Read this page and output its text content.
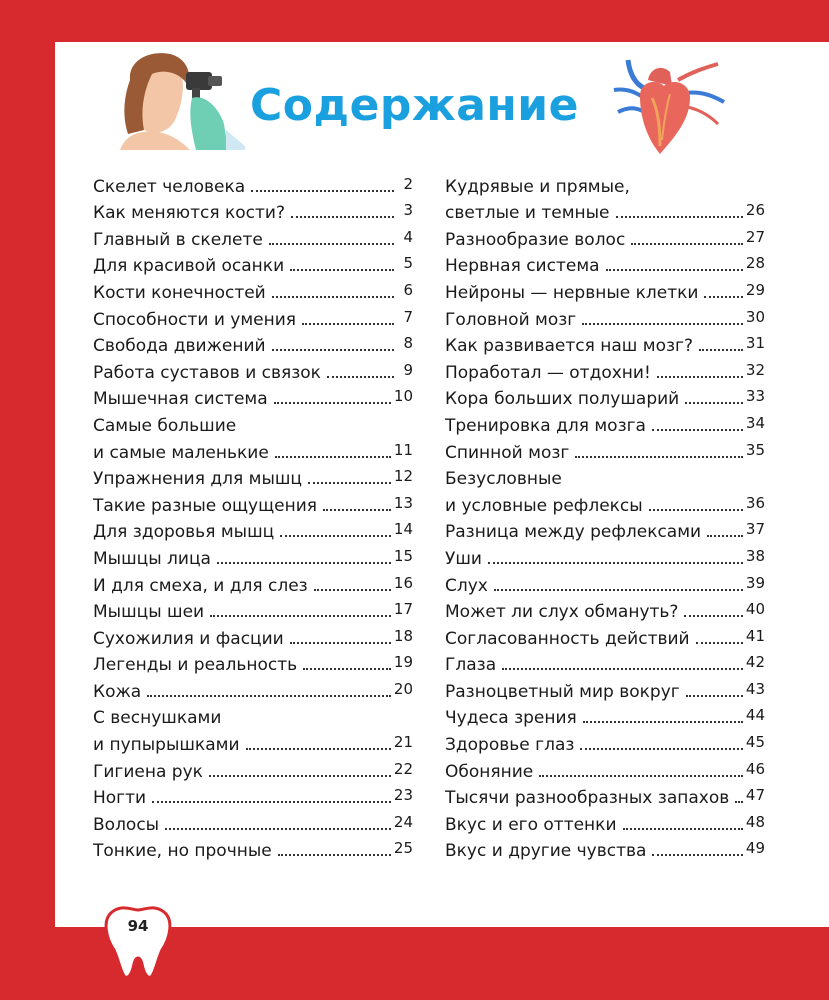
Содержание
Скелет человека	2
Как меняются кости?	3
Главный в скелете	4
Для красивой осанки	5
Кости конечностей	6
Способности и умения	7
Свобода движений	8
Работа суставов и связок	9
Мышечная система	10
Самые большие
и самые маленькие	11
Упражнения для мышц	12
Такие разные ощущения	13
Для здоровья мышц	14
Мышцы лица	15
И для смеха, и для слез	16
Мышцы шеи	17
Сухожилия и фасции	18
Легенды и реальность	19
Кожа	20
С веснушками
и пупырышками	21
Гигиена рук	22
Ногти	23
Волосы	24
Тонкие, но прочные	25
Кудрявые и прямые,
светлые и темные	26
Разнообразие волос	27
Нервная система	28
Нейроны — нервные клетки	29
Головной мозг	30
Как развивается наш мозг?	31
Поработал — отдохни!	32
Кора больших полушарий	33
Тренировка для мозга	34
Спинной мозг	35
Безусловные
и условные рефлексы	36
Разница между рефлексами	37
Уши	38
Слух	39
Может ли слух обмануть?	40
Согласованность действий	41
Глаза	42
Разноцветный мир вокруг	43
Чудеса зрения	44
Здоровье глаз	45
Обоняние	46
Тысячи разнообразных запахов 47
Вкус и его оттенки	48
Вкус и другие чувства	49
94
